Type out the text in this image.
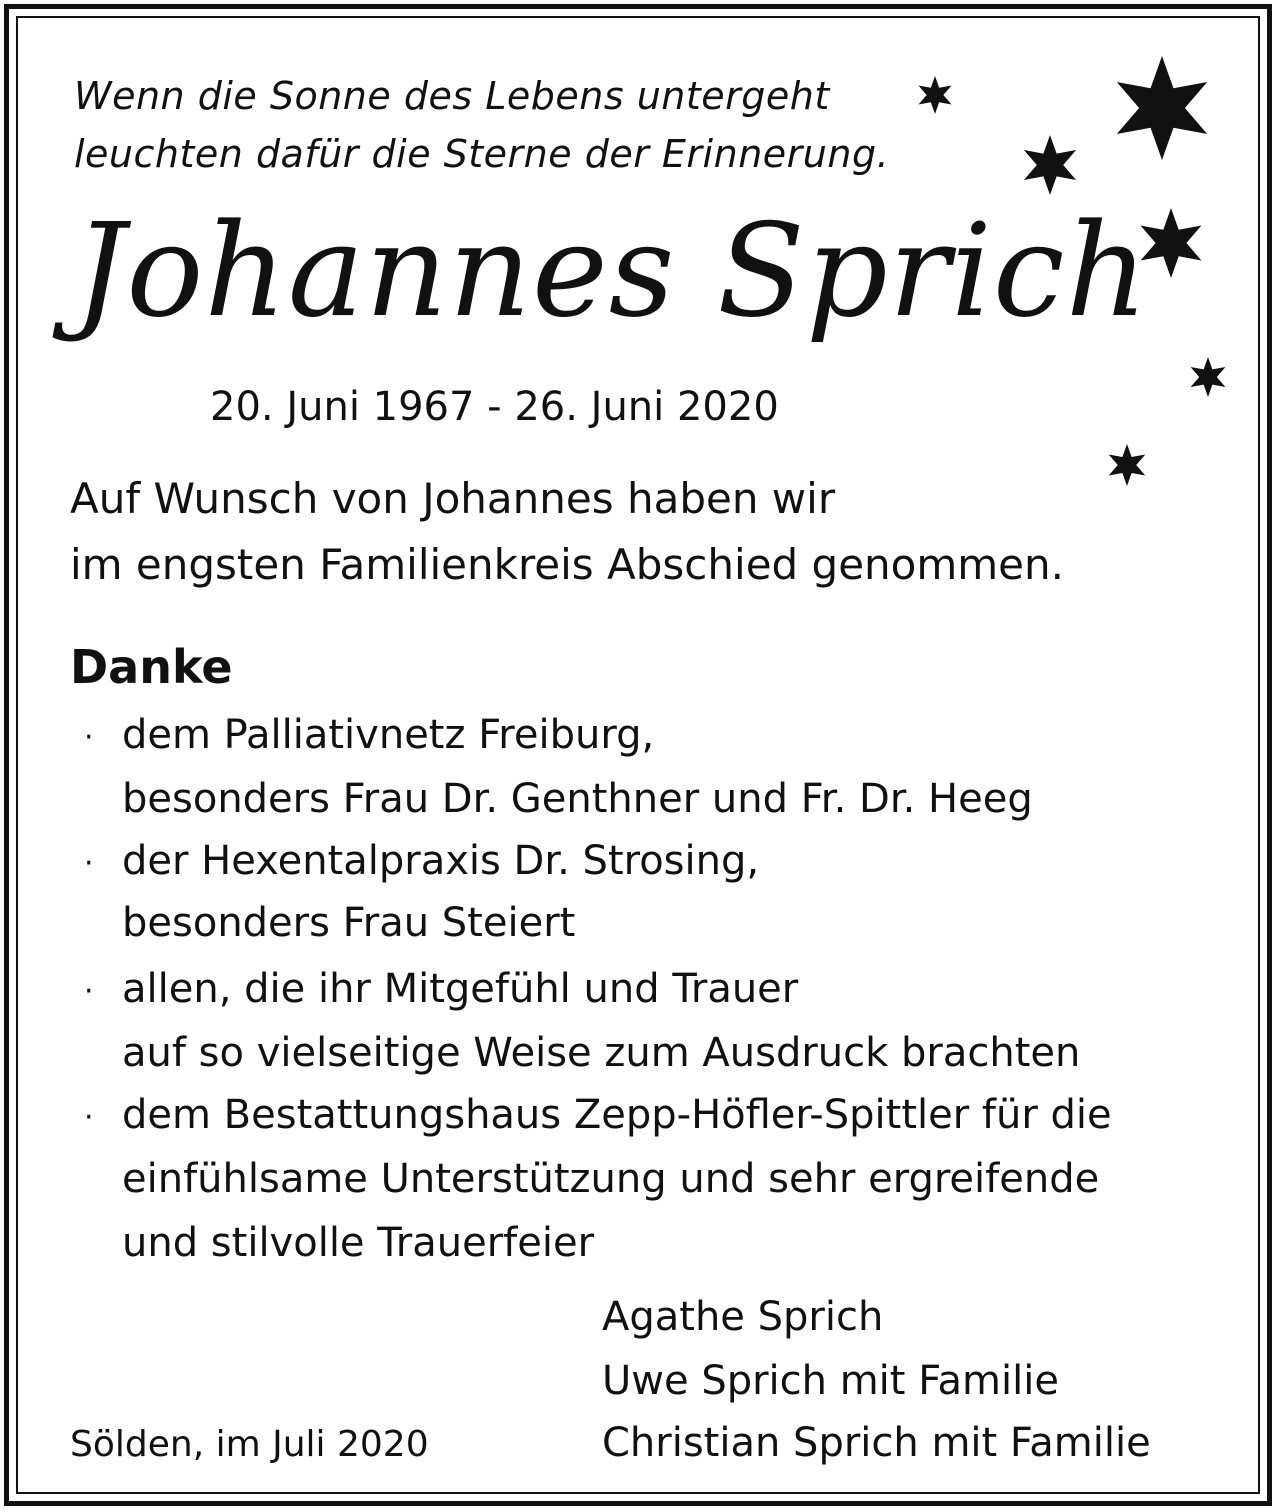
Wenn die Sonne des Lebens untergeht
leuchten dafür die Sterne der Erinnerung.
Johannes Sprich
20. Juni 1967 - 26. Juni 2020
Auf Wunsch von Johannes haben wir
im engsten Familienkreis Abschied genommen.
Danke
· dem Palliativnetz Freiburg,
besonders Frau Dr. Genthner und Fr. Dr. Heeg
· der Hexentalpraxis Dr. Strosing,
besonders Frau Steiert
· allen, die ihr Mitgefühl und Trauer
auf so vielseitige Weise zum Ausdruck brachten
· dem Bestattungshaus Zepp-Höfler-Spittler für die
einfühlsame Unterstützung und sehr ergreifende
und stilvolle Trauerfeier
Agathe Sprich
Uwe Sprich mit Familie
Christian Sprich mit Familie
Sölden, im Juli 2020
